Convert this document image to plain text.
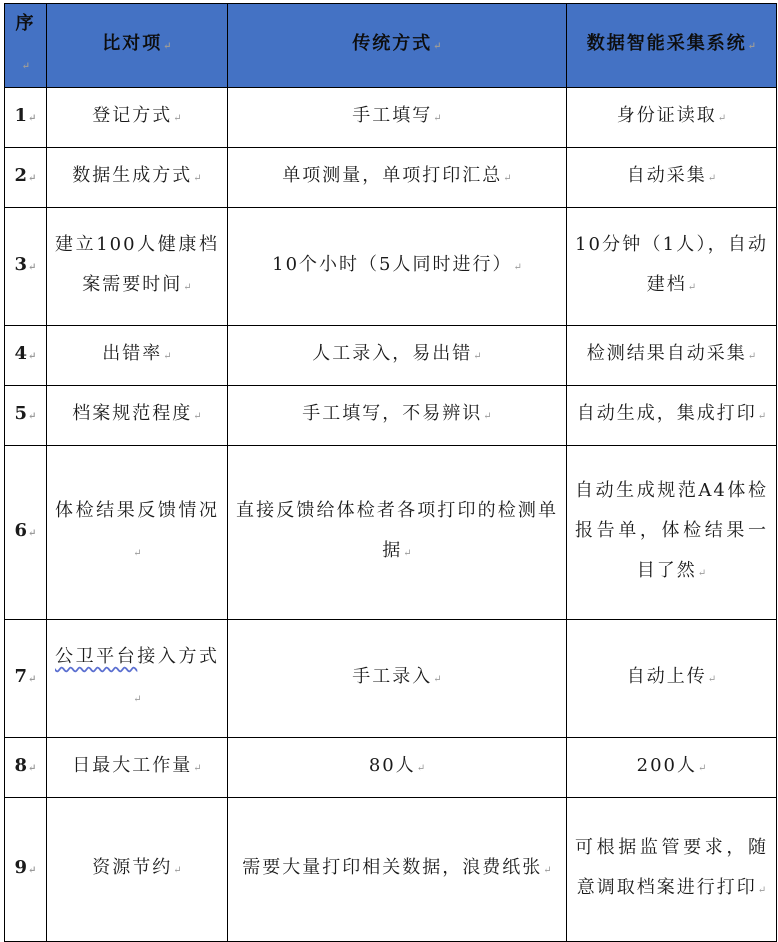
序↵	比对项↵	传统方式↵	数据智能采集系统↵
1↵	登记方式↵	手工填写↵	身份证读取↵
2↵	数据生成方式↵	单项测量，单项打印汇总↵	自动采集↵
3↵	建立100人健康档案需要时间↵	10个小时（5人同时进行）↵	10分钟（1人），自动建档↵
4↵	出错率↵	人工录入，易出错↵	检测结果自动采集↵
5↵	档案规范程度↵	手工填写，不易辨识↵	自动生成，集成打印↵
6↵	体检结果反馈情况↵	直接反馈给体检者各项打印的检测单据↵	自动生成规范A4体检报告单，体检结果一目了然↵
7↵	公卫平台接入方式↵	手工录入↵	自动上传↵
8↵	日最大工作量↵	80人↵	200人↵
9↵	资源节约↵	需要大量打印相关数据，浪费纸张↵	可根据监管要求，随意调取档案进行打印↵
